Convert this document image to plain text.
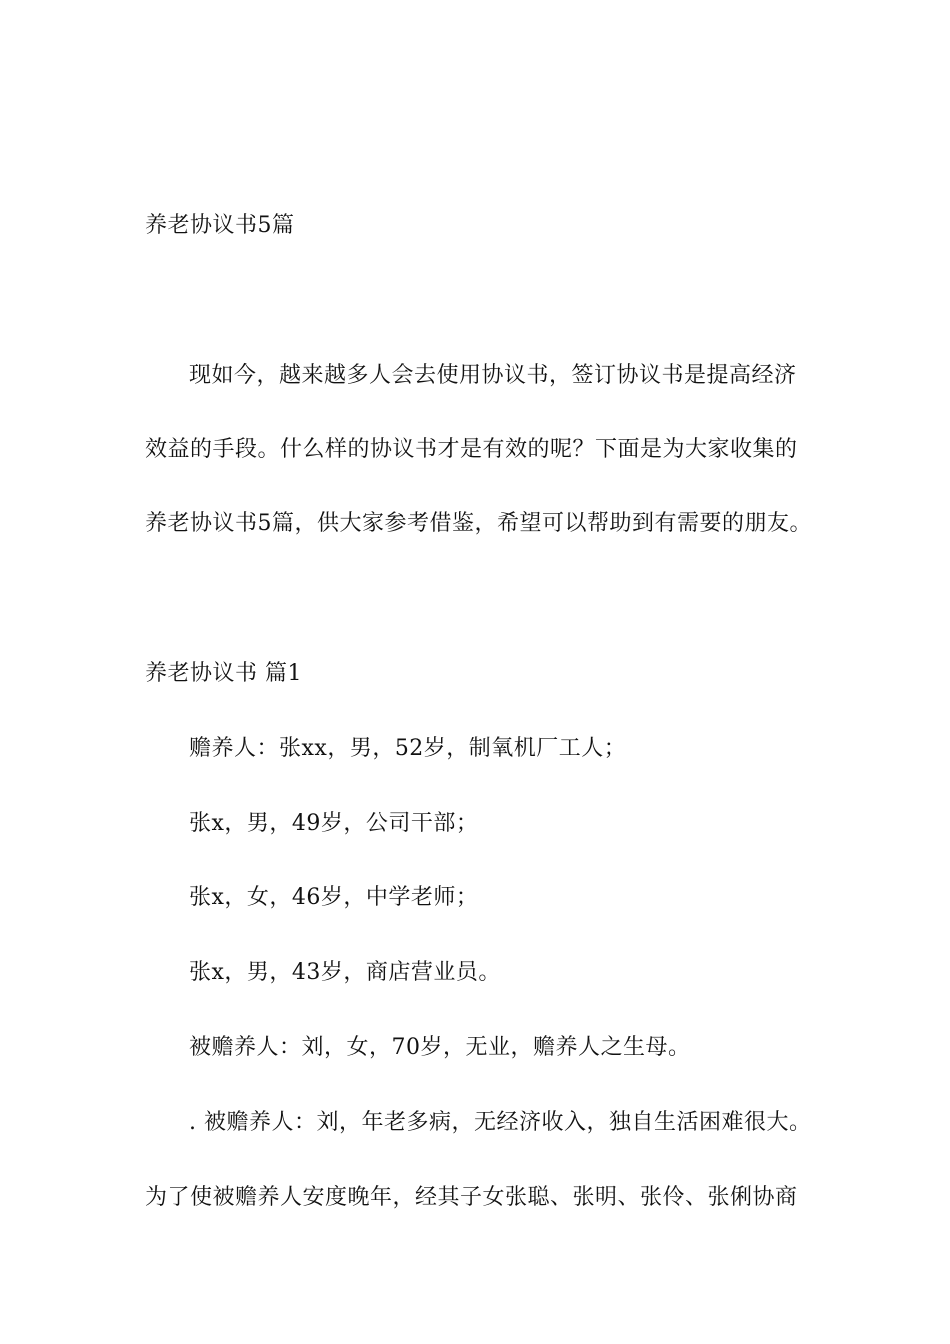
养老协议书5篇
现如今，越来越多人会去使用协议书，签订协议书是提高经济
效益的手段。什么样的协议书才是有效的呢？下面是为大家收集的
养老协议书5篇，供大家参考借鉴，希望可以帮助到有需要的朋友。
养老协议书 篇1
赡养人：张xx，男，52岁，制氧机厂工人；
张x，男，49岁，公司干部；
张x，女，46岁，中学老师；
张x，男，43岁，商店营业员。
被赡养人：刘，女，70岁，无业，赡养人之生母。
. 被赡养人：刘，年老多病，无经济收入，独自生活困难很大。
为了使被赡养人安度晚年，经其子女张聪、张明、张伶、张俐协商
